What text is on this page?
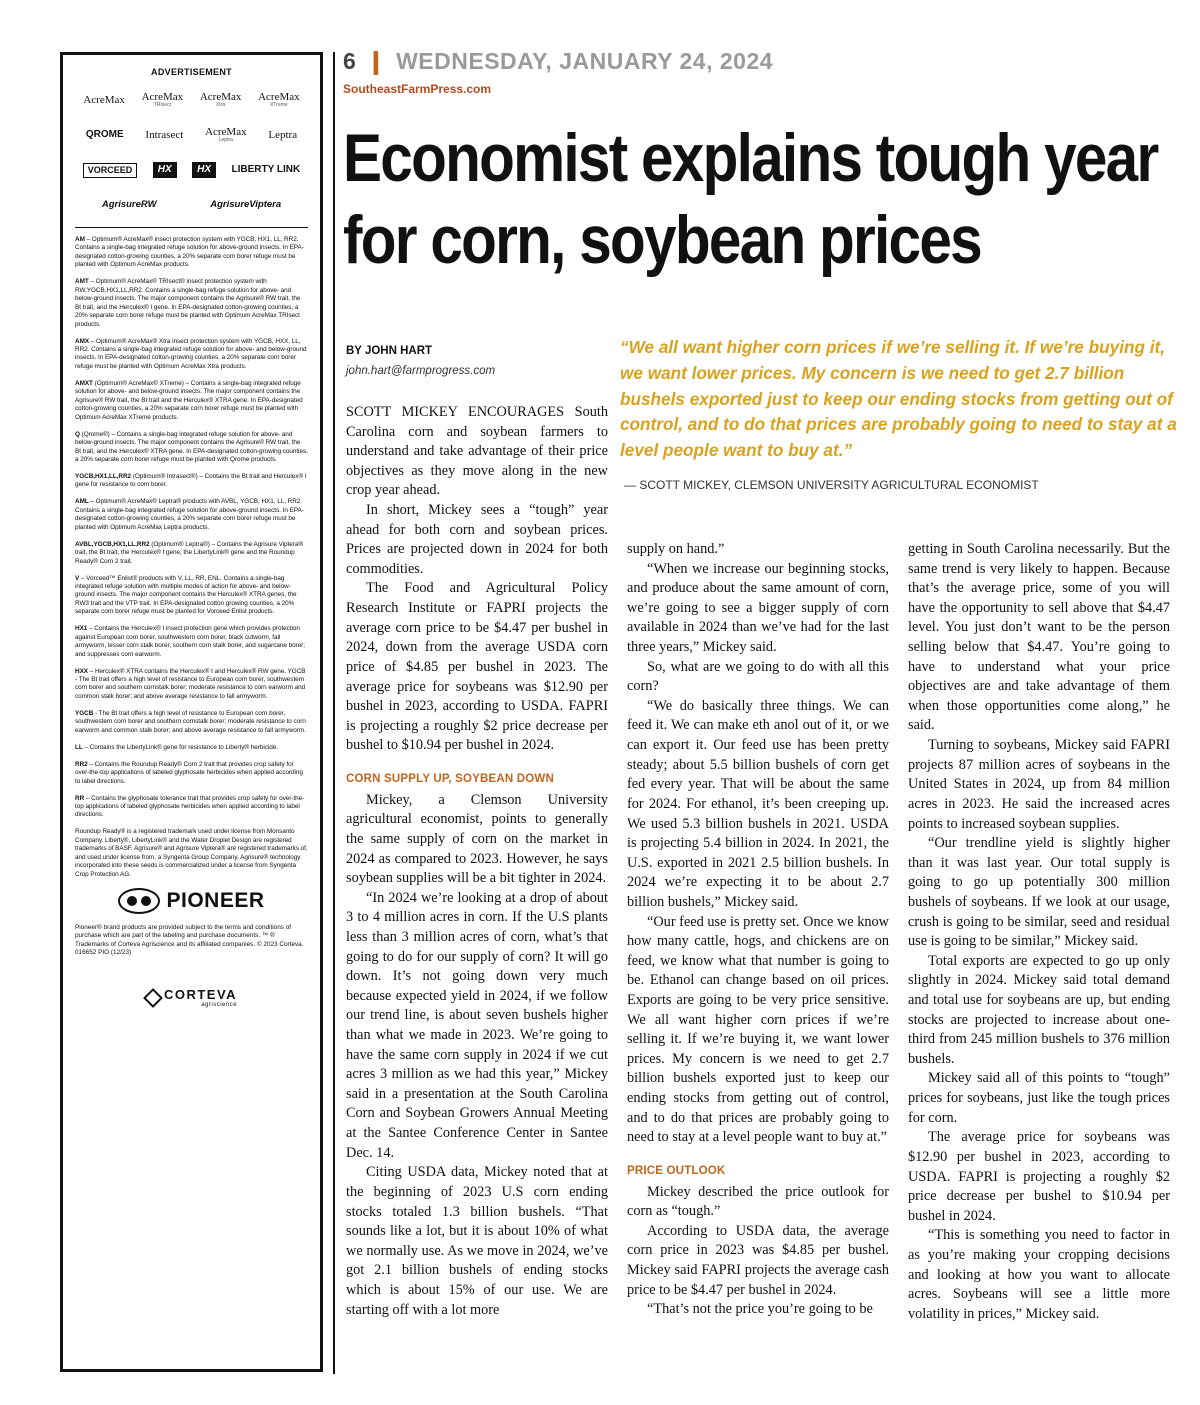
ADVERTISEMENT
AcreMax AcreMax
TRIsect
AcreMax
Xtra
AcreMax
XTreme
QROME Intrasect AcreMax
Leptra	Leptra
VORCEED	HX	HX	LIBERTY LINK
AgrisureRW	AgrisureViptera

AM – Optimum® AcreMax® insect protection system with YGCB, HX1, LL, RR2. Contains a single-bag integrated refuge solution for above-ground insects. In EPA-designated cotton-growing counties, a 20% separate corn borer refuge must be planted with Optimum AcreMax products.

AMT – Optimum® AcreMax® TRIsect® insect protection system with RW,YGCB,HX1,LL,RR2. Contains a single-bag refuge solution for above- and below-ground insects. The major component contains the Agrisure® RW trait, the Bt trait, and the Herculex® I gene. In EPA-designated cotton-growing counties, a 20% separate corn borer refuge must be planted with Optimum AcreMax TRIsect products.

AMX – Optimum® AcreMax® Xtra insect protection system with YGCB, HXX, LL, RR2. Contains a single-bag integrated refuge solution for above- and below-ground insects. In EPA-designated cotton-growing counties, a 20% separate corn borer refuge must be planted with Optimum AcreMax Xtra products.

AMXT (Optimum® AcreMax® XTreme) – Contains a single-bag integrated refuge solution for above- and below-ground insects. The major component contains the Agrisure® RW trait, the Bt trait and the Herculex® XTRA gene. In EPA-designated cotton-growing counties, a 20% separate corn borer refuge must be planted with Optimum AcreMax XTreme products.

Q (Qrome®) – Contains a single-bag integrated refuge solution for above- and below-ground insects. The major component contains the Agrisure® RW trait, the Bt trait, and the Herculex® XTRA gene. In EPA-designated cotton-growing counties, a 20% separate corn borer refuge must be planted with Qrome products.

YGCB,HX1,LL,RR2 (Optimum® Intrasect®) – Contains the Bt trait and Herculex® I gene for resistance to corn borer.

AML – Optimum® AcreMax® Leptra® products with AVBL, YGCB, HX1, LL, RR2. Contains a single-bag integrated refuge solution for above-ground insects. In EPA-designated cotton-growing counties, a 20% separate corn borer refuge must be planted with Optimum AcreMax Leptra products.

AVBL,YGCB,HX1,LL,RR2 (Optimum® Leptra®) – Contains the Agrisure Viptera® trait, the Bt trait, the Herculex® I gene, the LibertyLink® gene and the Roundup Ready® Corn 2 trait.

V – Vorceed™ Enlist® products with V, LL, RR, ENL. Contains a single-bag integrated refuge solution with multiple modes of action for above- and below-ground insects. The major component contains the Herculex® XTRA genes, the RW3 trait and the VTP trait. In EPA-designated cotton growing counties, a 20% separate corn borer refuge must be planted for Vorceed Enlist products.

HX1 – Contains the Herculex® I insect protection gene which provides protection against European corn borer, southwestern corn borer, black cutworm, fall armyworm, lesser corn stalk borer, southern corn stalk borer, and sugarcane borer; and suppresses corn earworm.

HXX – Herculex® XTRA contains the Herculex® I and Herculex® RW gene. YGCB - The Bt trait offers a high level of resistance to European corn borer, southwestern corn borer and southern cornstalk borer; moderate resistance to corn earworm and common stalk borer; and above average resistance to fall armyworm.

YGCB - The Bt trait offers a high level of resistance to European corn borer, southwestern corn borer and southern cornstalk borer; moderate resistance to corn earworm and common stalk borer; and above average resistance to fall armyworm.

LL – Contains the LibertyLink® gene for resistance to Liberty® herbicide.

RR2 – Contains the Roundup Ready® Corn 2 trait that provides crop safety for over-the-top applications of labeled glyphosate herbicides when applied according to label directions.

RR – Contains the glyphosate tolerance trait that provides crop safety for over-the-top applications of labeled glyphosate herbicides when applied according to label directions.

Roundup Ready® is a registered trademark used under license from Monsanto Company. Liberty®, LibertyLink® and the Water Droplet Design are registered trademarks of BASF. Agrisure® and Agrisure Viptera® are registered trademarks of, and used under license from, a Syngenta Group Company. Agrisure® technology incorporated into these seeds is commercialized under a license from Syngenta Crop Protection AG.

PIONEER
Pioneer® brand products are provided subject to the terms and conditions of purchase which are part of the labeling and purchase documents. ™ ® Trademarks of Corteva Agriscience and its affiliated companies. © 2023 Corteva. 016652 PIO (12/23)
CORTEVA
agriscience
6 ❙ WEDNESDAY, JANUARY 24, 2024
SoutheastFarmPress.com
Economist explains tough year
for corn, soybean prices
BY JOHN HART
john.hart@farmprogress.com
“We all want higher corn prices if we’re selling it. If we’re buying it, we want lower prices. My concern is we need to get 2.7 billion bushels exported just to keep our ending stocks from getting out of control, and to do that prices are probably going to need to stay at a level people want to buy at.”
— SCOTT MICKEY, CLEMSON UNIVERSITY AGRICULTURAL ECONOMIST

SCOTT MICKEY ENCOURAGES South Carolina corn and soybean farmers to understand and take advantage of their price objectives as they move along in the new crop year ahead.

In short, Mickey sees a “tough” year ahead for both corn and soybean prices. Prices are projected down in 2024 for both commodities.

The Food and Agricultural Policy Research Institute or FAPRI projects the average corn price to be $4.47 per bushel in 2024, down from the average USDA corn price of $4.85 per bushel in 2023. The average price for soybeans was $12.90 per bushel in 2023, according to USDA. FAPRI is projecting a roughly $2 price decrease per bushel to $10.94 per bushel in 2024.

CORN SUPPLY UP, SOYBEAN DOWN

Mickey, a Clemson University agricultural economist, points to generally the same supply of corn on the market in 2024 as compared to 2023. However, he says soybean supplies will be a bit tighter in 2024.

“In 2024 we’re looking at a drop of about 3 to 4 million acres in corn. If the U.S plants less than 3 million acres of corn, what’s that going to do for our supply of corn? It will go down. It’s not going down very much because expected yield in 2024, if we follow our trend line, is about seven bushels higher than what we made in 2023. We’re going to have the same corn supply in 2024 if we cut acres 3 million as we had this year,” Mickey said in a presentation at the South Carolina Corn and Soybean Growers Annual Meeting at the Santee Conference Center in Santee Dec. 14.

Citing USDA data, Mickey noted that at the beginning of 2023 U.S corn ending stocks totaled 1.3 billion bushels. “That sounds like a lot, but it is about 10% of what we normally use. As we move in 2024, we’ve got 2.1 billion bushels of ending stocks which is about 15% of our use. We are starting off with a lot more

supply on hand.”

“When we increase our beginning stocks, and produce about the same amount of corn, we’re going to see a bigger supply of corn available in 2024 than we’ve had for the last three years,” Mickey said.

So, what are we going to do with all this corn?

“We do basically three things. We can feed it. We can make eth anol out of it, or we can export it. Our feed use has been pretty steady; about 5.5 billion bushels of corn get fed every year. That will be about the same for 2024. For ethanol, it’s been creeping up. We used 5.3 billion bushels in 2021. USDA is projecting 5.4 billion in 2024. In 2021, the U.S. exported in 2021 2.5 billion bushels. In 2024 we’re expecting it to be about 2.7 billion bushels,” Mickey said.

“Our feed use is pretty set. Once we know how many cattle, hogs, and chickens are on feed, we know what that number is going to be. Ethanol can change based on oil prices. Exports are going to be very price sensitive. We all want higher corn prices if we’re selling it. If we’re buying it, we want lower prices. My concern is we need to get 2.7 billion bushels exported just to keep our ending stocks from getting out of control, and to do that prices are probably going to need to stay at a level people want to buy at.”

PRICE OUTLOOK

Mickey described the price outlook for corn as “tough.”

According to USDA data, the average corn price in 2023 was $4.85 per bushel. Mickey said FAPRI projects the average cash price to be $4.47 per bushel in 2024.

“That’s not the price you’re going to be

getting in South Carolina necessarily. But the same trend is very likely to happen. Because that’s the average price, some of you will have the opportunity to sell above that $4.47 level. You just don’t want to be the person selling below that $4.47. You’re going to have to understand what your price objectives are and take advantage of them when those opportunities come along,” he said.

Turning to soybeans, Mickey said FAPRI projects 87 million acres of soybeans in the United States in 2024, up from 84 million acres in 2023. He said the increased acres points to increased soybean supplies.

“Our trendline yield is slightly higher than it was last year. Our total supply is going to go up potentially 300 million bushels of soybeans. If we look at our usage, crush is going to be similar, seed and residual use is going to be similar,” Mickey said.

Total exports are expected to go up only slightly in 2024. Mickey said total demand and total use for soybeans are up, but ending stocks are projected to increase about one-third from 245 million bushels to 376 million bushels.

Mickey said all of this points to “tough” prices for soybeans, just like the tough prices for corn.

The average price for soybeans was $12.90 per bushel in 2023, according to USDA. FAPRI is projecting a roughly $2 price decrease per bushel to $10.94 per bushel in 2024.

“This is something you need to factor in as you’re making your cropping decisions and looking at how you want to allocate acres. Soybeans will see a little more volatility in prices,” Mickey said.
